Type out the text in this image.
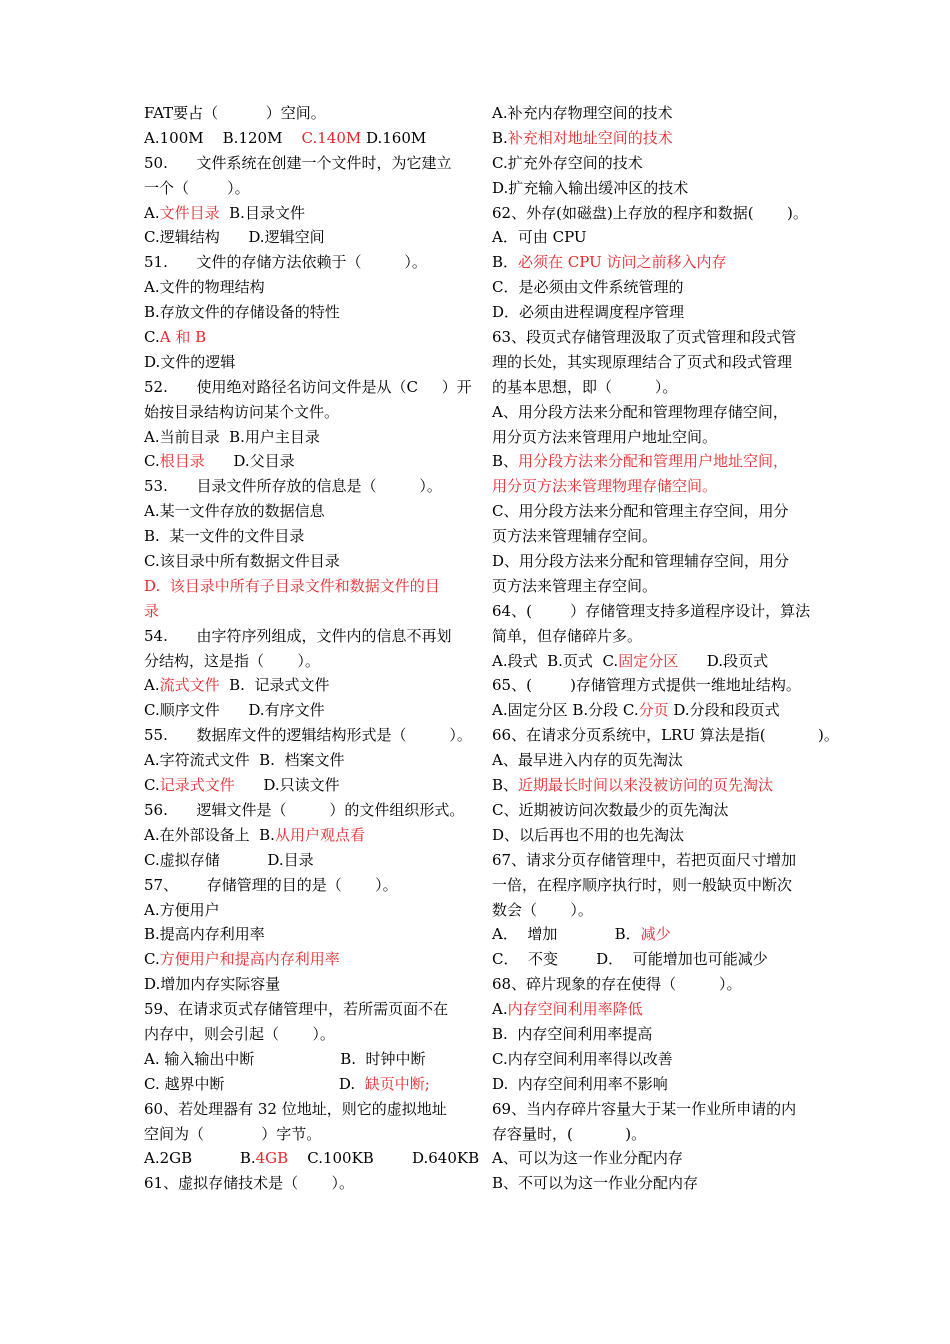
FAT要占（          ）空间。
A.100M    B.120M    C.140M D.160M
50.      文件系统在创建一个文件时，为它建立
一个（        ）。
A.文件目录  B.目录文件
C.逻辑结构      D.逻辑空间
51.      文件的存储方法依赖于（         ）。
A.文件的物理结构
B.存放文件的存储设备的特性
C.A 和 B
D.文件的逻辑
52.      使用绝对路径名访问文件是从（C     ）开
始按目录结构访问某个文件。
A.当前目录  B.用户主目录
C.根目录      D.父目录
53.      目录文件所存放的信息是（         ）。
A.某一文件存放的数据信息
B.  某一文件的文件目录
C.该目录中所有数据文件目录
D.  该目录中所有子目录文件和数据文件的目
录
54.      由字符序列组成，文件内的信息不再划
分结构，这是指（       ）。
A.流式文件  B.  记录式文件
C.顺序文件      D.有序文件
55.      数据库文件的逻辑结构形式是（         ）。
A.字符流式文件  B.  档案文件
C.记录式文件      D.只读文件
56.      逻辑文件是（         ）的文件组织形式。
A.在外部设备上  B.从用户观点看
C.虚拟存储          D.目录
57、      存储管理的目的是（       ）。
A.方便用户
B.提高内存利用率
C.方便用户和提高内存利用率
D.增加内存实际容量
59、在请求页式存储管理中，若所需页面不在
内存中，则会引起（       ）。
A. 输入输出中断                  B.  时钟中断
C. 越界中断                        D.  缺页中断;
60、若处理器有 32 位地址，则它的虚拟地址
空间为（            ）字节。
A.2GB          B.4GB    C.100KB        D.640KB
61、虚拟存储技术是（       ）。
A.补充内存物理空间的技术
B.补充相对地址空间的技术
C.扩充外存空间的技术
D.扩充输入输出缓冲区的技术
62、外存(如磁盘)上存放的程序和数据(       )。
A．可由 CPU
B．必须在 CPU 访问之前移入内存
C．是必须由文件系统管理的
D．必须由进程调度程序管理
63、段页式存储管理汲取了页式管理和段式管
理的长处，其实现原理结合了页式和段式管理
的基本思想，即（         ）。
A、用分段方法来分配和管理物理存储空间，
用分页方法来管理用户地址空间。
B、用分段方法来分配和管理用户地址空间，
用分页方法来管理物理存储空间。
C、用分段方法来分配和管理主存空间，用分
页方法来管理辅存空间。
D、用分段方法来分配和管理辅存空间，用分
页方法来管理主存空间。
64、(        ）存储管理支持多道程序设计，算法
简单，但存储碎片多。
A.段式  B.页式  C.固定分区      D.段页式
65、(        )存储管理方式提供一维地址结构。
A.固定分区 B.分段 C.分页 D.分段和段页式
66、在请求分页系统中，LRU 算法是指(           )。
A、最早进入内存的页先淘汰
B、近期最长时间以来没被访问的页先淘汰
C、近期被访问次数最少的页先淘汰
D、以后再也不用的也先淘汰
67、请求分页存储管理中，若把页面尺寸增加
一倍，在程序顺序执行时，则一般缺页中断次
数会（       ）。
A．  增加            B．减少
C．  不变        D．  可能增加也可能减少
68、碎片现象的存在使得（         ）。
A.内存空间利用率降低
B.  内存空间利用率提高
C.内存空间利用率得以改善
D.  内存空间利用率不影响
69、当内存碎片容量大于某一作业所申请的内
存容量时，(           )。
A、可以为这一作业分配内存
B、不可以为这一作业分配内存
